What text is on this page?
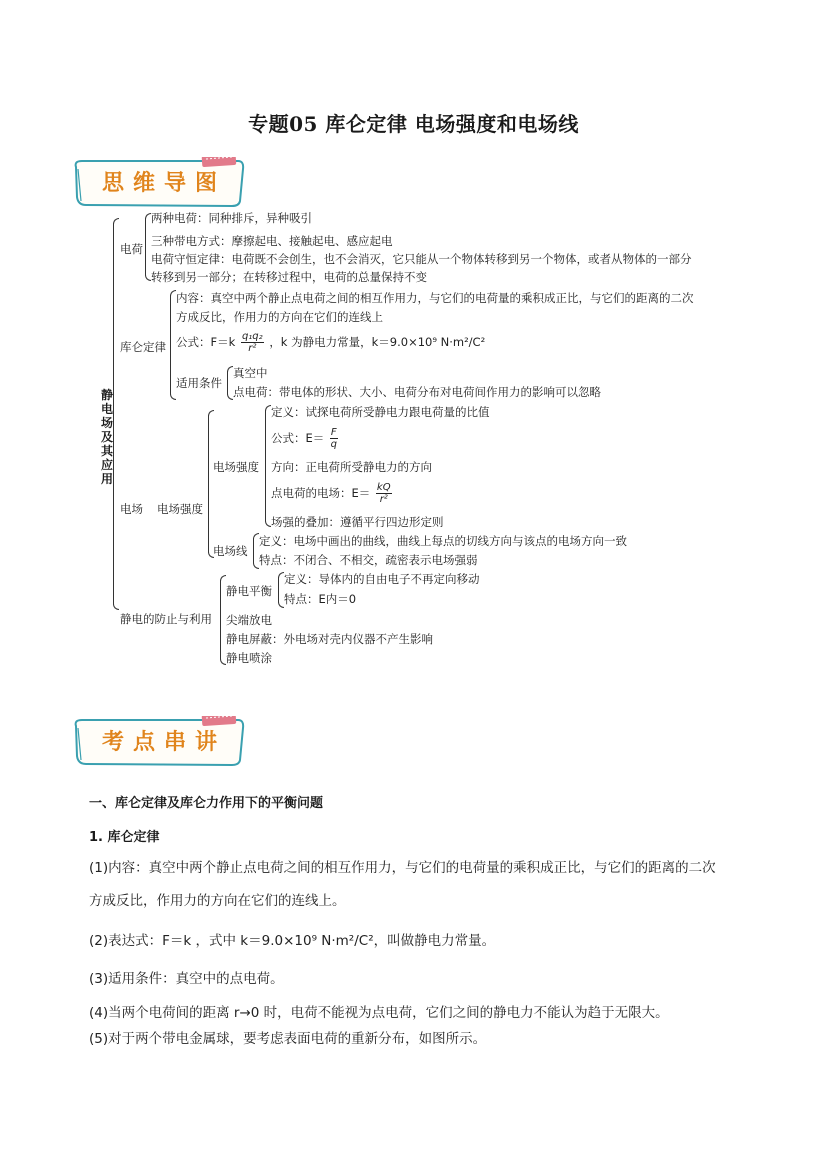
专题05 库仑定律 电场强度和电场线
思维导图
静电场及其应用
电荷
两种电荷：同种排斥，异种吸引
三种带电方式：摩擦起电、接触起电、感应起电
电荷守恒定律：电荷既不会创生，也不会消灭，它只能从一个物体转移到另一个物体，或者从物体的一部分
转移到另一部分；在转移过程中，电荷的总量保持不变
库仑定律
内容：真空中两个静止点电荷之间的相互作用力，与它们的电荷量的乘积成正比，与它们的距离的二次
方成反比，作用力的方向在它们的连线上
公式：$F=k \frac{\text{q₁q₂}}{\text{r²}}$ ，k 为静电力常量，k＝9.0×10⁹ N·m²/C²
适用条件
真空中
点电荷：带电体的形状、大小、电荷分布对电荷间作用力的影响可以忽略
电场 电场强度
电场强度
定义：试探电荷所受静电力跟电荷量的比值
公式：$E= \frac{F}{q}$
方向：正电荷所受静电力的方向
点电荷的电场：$E= \frac{kQ}{\text{r²}}$
场强的叠加：遵循平行四边形定则
电场线
定义：电场中画出的曲线，曲线上每点的切线方向与该点的电场方向一致
特点：不闭合、不相交，疏密表示电场强弱
静电的防止与利用
静电平衡
定义：导体内的自由电子不再定向移动
特点：E内＝0
尖端放电
静电屏蔽：外电场对壳内仪器不产生影响
静电喷涂
考点串讲
一、库仑定律及库仑力作用下的平衡问题
1. 库仑定律
(1)内容：真空中两个静止点电荷之间的相互作用力，与它们的电荷量的乘积成正比，与它们的距离的二次
方成反比，作用力的方向在它们的连线上。
(2)表达式：F＝k ，式中 k＝9.0×10⁹ N·m²/C²，叫做静电力常量。
(3)适用条件：真空中的点电荷。
(4)当两个电荷间的距离 r→0 时，电荷不能视为点电荷，它们之间的静电力不能认为趋于无限大。
(5)对于两个带电金属球，要考虑表面电荷的重新分布，如图所示。
